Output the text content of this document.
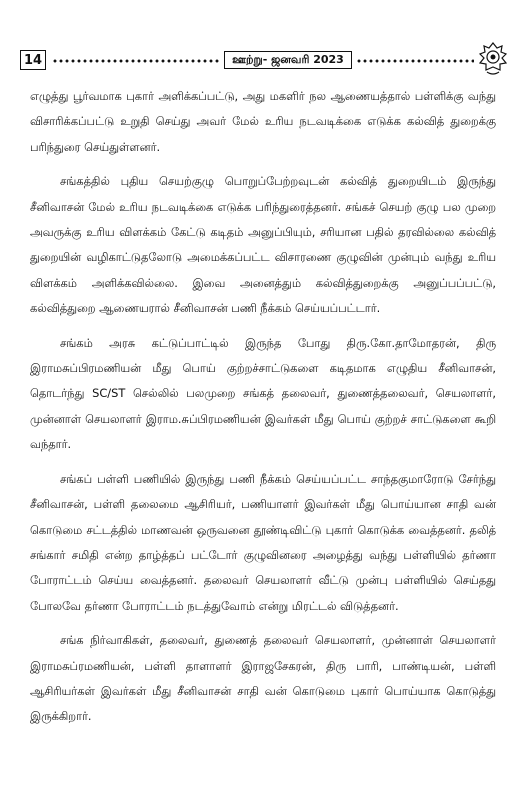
14	ஊற்று- ஜனவரி 2023

எழுத்து பூர்வமாக புகார் அளிக்கப்பட்டு, அது மகளிர் நல ஆணையத்தால் பள்ளிக்கு வந்து விசாரிக்கப்பட்டு உறுதி செய்து அவர் மேல் உரிய நடவடிக்கை எடுக்க கல்வித் துறைக்கு பரிந்துரை செய்துள்ளனர்.

சங்கத்தில் புதிய செயற்குழு பொறுப்பேற்றவுடன் கல்வித் துறையிடம் இருந்து சீனிவாசன் மேல் உரிய நடவடிக்கை எடுக்க பரிந்துரைத்தனர். சங்கச் செயற் குழு பல முறை அவருக்கு உரிய விளக்கம் கேட்டு கடிதம் அனுப்பியும், சரியான பதில் தரவில்லை கல்வித் துறையின் வழிகாட்டுதலோடு அமைக்கப்பட்ட விசாரணை குழுவின் முன்பும் வந்து உரிய விளக்கம் அளிக்கவில்லை. இவை அனைத்தும் கல்வித்துறைக்கு அனுப்பப்பட்டு, கல்வித்துறை ஆணையரால் சீனிவாசன் பணி நீக்கம் செய்யப்பட்டார்.

சங்கம் அரசு கட்டுப்பாட்டில் இருந்த போது திரு.கோ.தாமோதரன், திரு இராமசுப்பிரமணியன் மீது பொய் குற்றச்சாட்டுகளை கடிதமாக எழுதிய சீனிவாசன், தொடர்ந்து SC/ST செல்லில் பலமுறை சங்கத் தலைவர், துணைத்தலைவர், செயலாளர், முன்னாள் செயலாளர் இராம.சுப்பிரமணியன் இவர்கள் மீது பொய் குற்றச் சாட்டுகளை கூறி வந்தார்.

சங்கப் பள்ளி பணியில் இருந்து பணி நீக்கம் செய்யப்பட்ட சாந்தகுமாரோடு சேர்ந்து சீனிவாசன், பள்ளி தலைமை ஆசிரியர், பணியாளர் இவர்கள் மீது பொய்யான சாதி வன் கொடுமை சட்டத்தில் மாணவன் ஒருவனை தூண்டிவிட்டு புகார் கொடுக்க வைத்தனர். தலித் சங்கார் சமிதி என்ற தாழ்த்தப் பட்டோர் குழுவினரை அழைத்து வந்து பள்ளியில் தர்ணா போராட்டம் செய்ய வைத்தனர். தலைவர் செயலாளர் வீட்டு முன்பு பள்ளியில் செய்தது போலவே தர்ணா போராட்டம் நடத்துவோம் என்று மிரட்டல் விடுத்தனர்.

சங்க நிர்வாகிகள், தலைவர், துணைத் தலைவர் செயலாளர், முன்னாள் செயலாளர் இராமசுப்ரமணியன், பள்ளி தாளாளர் இராஜசேகரன், திரு பாரி, பாண்டியன், பள்ளி ஆசிரியர்கள் இவர்கள் மீது சீனிவாசன் சாதி வன் கொடுமை புகார் பொய்யாக கொடுத்து இருக்கிறார்.
